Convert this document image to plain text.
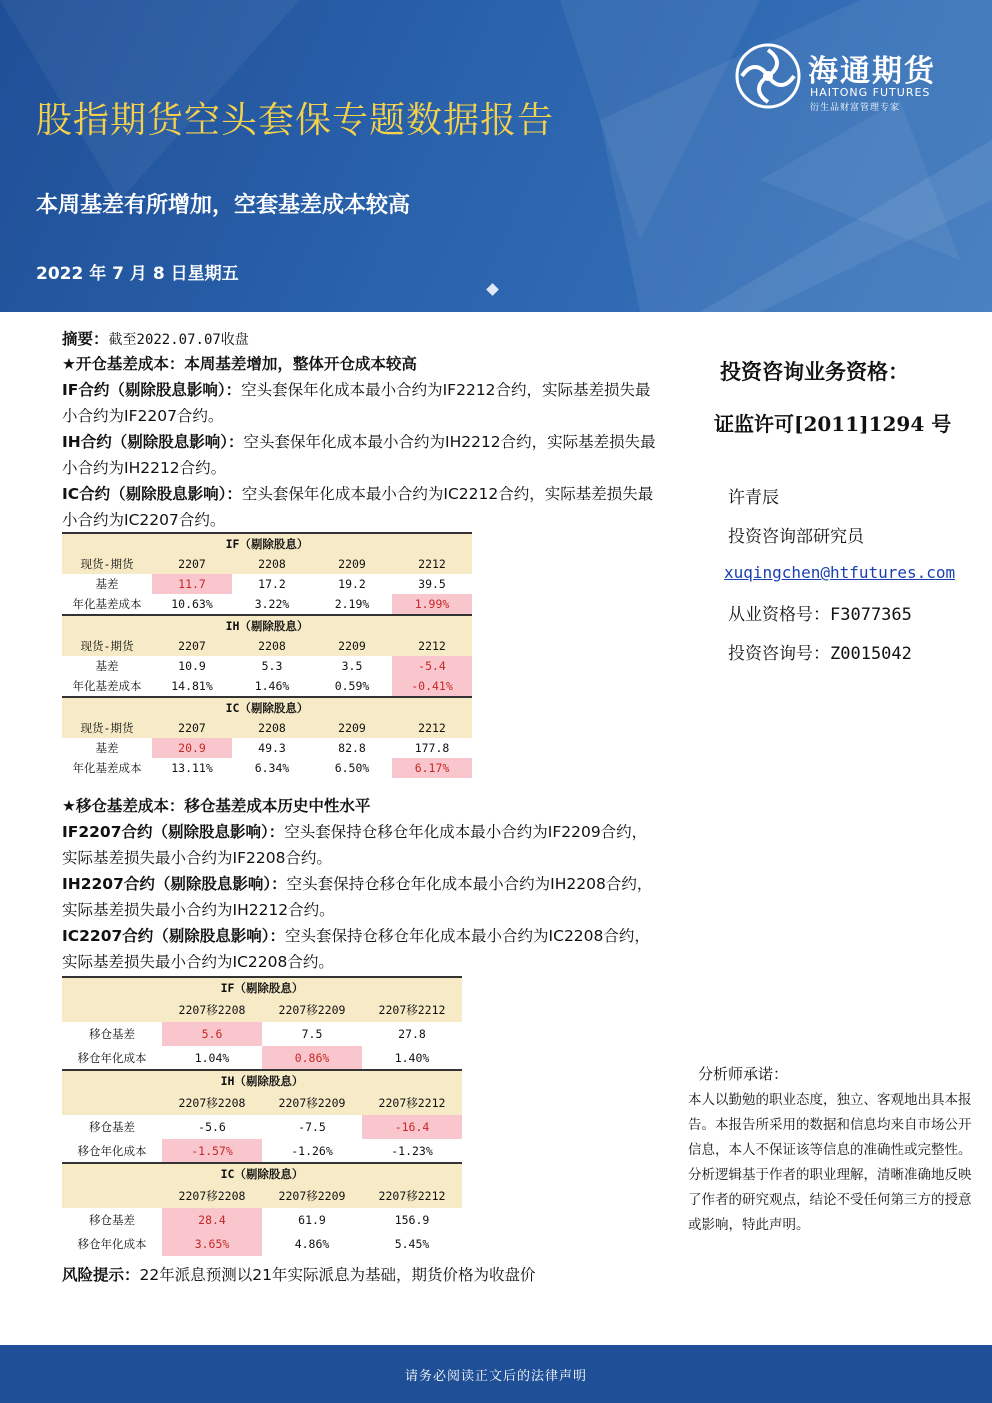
海通期货
HAITONG FUTURES
衍生品财富管理专家
股指期货空头套保专题数据报告
本周基差有所增加，空套基差成本较高
2022 年 7 月 8 日星期五
摘要：截至2022.07.07收盘
★开仓基差成本：本周基差增加，整体开仓成本较高
IF合约（剔除股息影响）：空头套保年化成本最小合约为IF2212合约，实际基差损失最小合约为IF2207合约。
IH合约（剔除股息影响）：空头套保年化成本最小合约为IH2212合约，实际基差损失最小合约为IH2212合约。
IC合约（剔除股息影响）：空头套保年化成本最小合约为IC2212合约，实际基差损失最小合约为IC2207合约。
IF（剔除股息）				
现货-期货	2207	2208	2209	2212
基差	11.7	17.2	19.2	39.5
年化基差成本	10.63%	3.22%	2.19%	1.99%
IH（剔除股息）				
现货-期货	2207	2208	2209	2212
基差	10.9	5.3	3.5	-5.4
年化基差成本	14.81%	1.46%	0.59%	-0.41%
IC（剔除股息）				
现货-期货	2207	2208	2209	2212
基差	20.9	49.3	82.8	177.8
年化基差成本	13.11%	6.34%	6.50%	6.17%
★移仓基差成本：移仓基差成本历史中性水平
IF2207合约（剔除股息影响）：空头套保持仓移仓年化成本最小合约为IF2209合约，实际基差损失最小合约为IF2208合约。
IH2207合约（剔除股息影响）：空头套保持仓移仓年化成本最小合约为IH2208合约，实际基差损失最小合约为IH2212合约。
IC2207合约（剔除股息影响）：空头套保持仓移仓年化成本最小合约为IC2208合约，实际基差损失最小合约为IC2208合约。
IF（剔除股息）			
	2207移2208	2207移2209	2207移2212
移仓基差	5.6	7.5	27.8
移仓年化成本	1.04%	0.86%	1.40%
IH（剔除股息）			
	2207移2208	2207移2209	2207移2212
移仓基差	-5.6	-7.5	-16.4
移仓年化成本	-1.57%	-1.26%	-1.23%
IC（剔除股息）			
	2207移2208	2207移2209	2207移2212
移仓基差	28.4	61.9	156.9
移仓年化成本	3.65%	4.86%	5.45%
风险提示：22年派息预测以21年实际派息为基础，期货价格为收盘价
投资咨询业务资格：
证监许可[2011]1294 号
许青辰
投资咨询部研究员
xuqingchen@htfutures.com
从业资格号：F3077365
投资咨询号：Z0015042
分析师承诺：
本人以勤勉的职业态度，独立、客观地出具本报告。本报告所采用的数据和信息均来自市场公开信息，本人不保证该等信息的准确性或完整性。分析逻辑基于作者的职业理解，清晰准确地反映了作者的研究观点，结论不受任何第三方的授意或影响，特此声明。
请务必阅读正文后的法律声明
